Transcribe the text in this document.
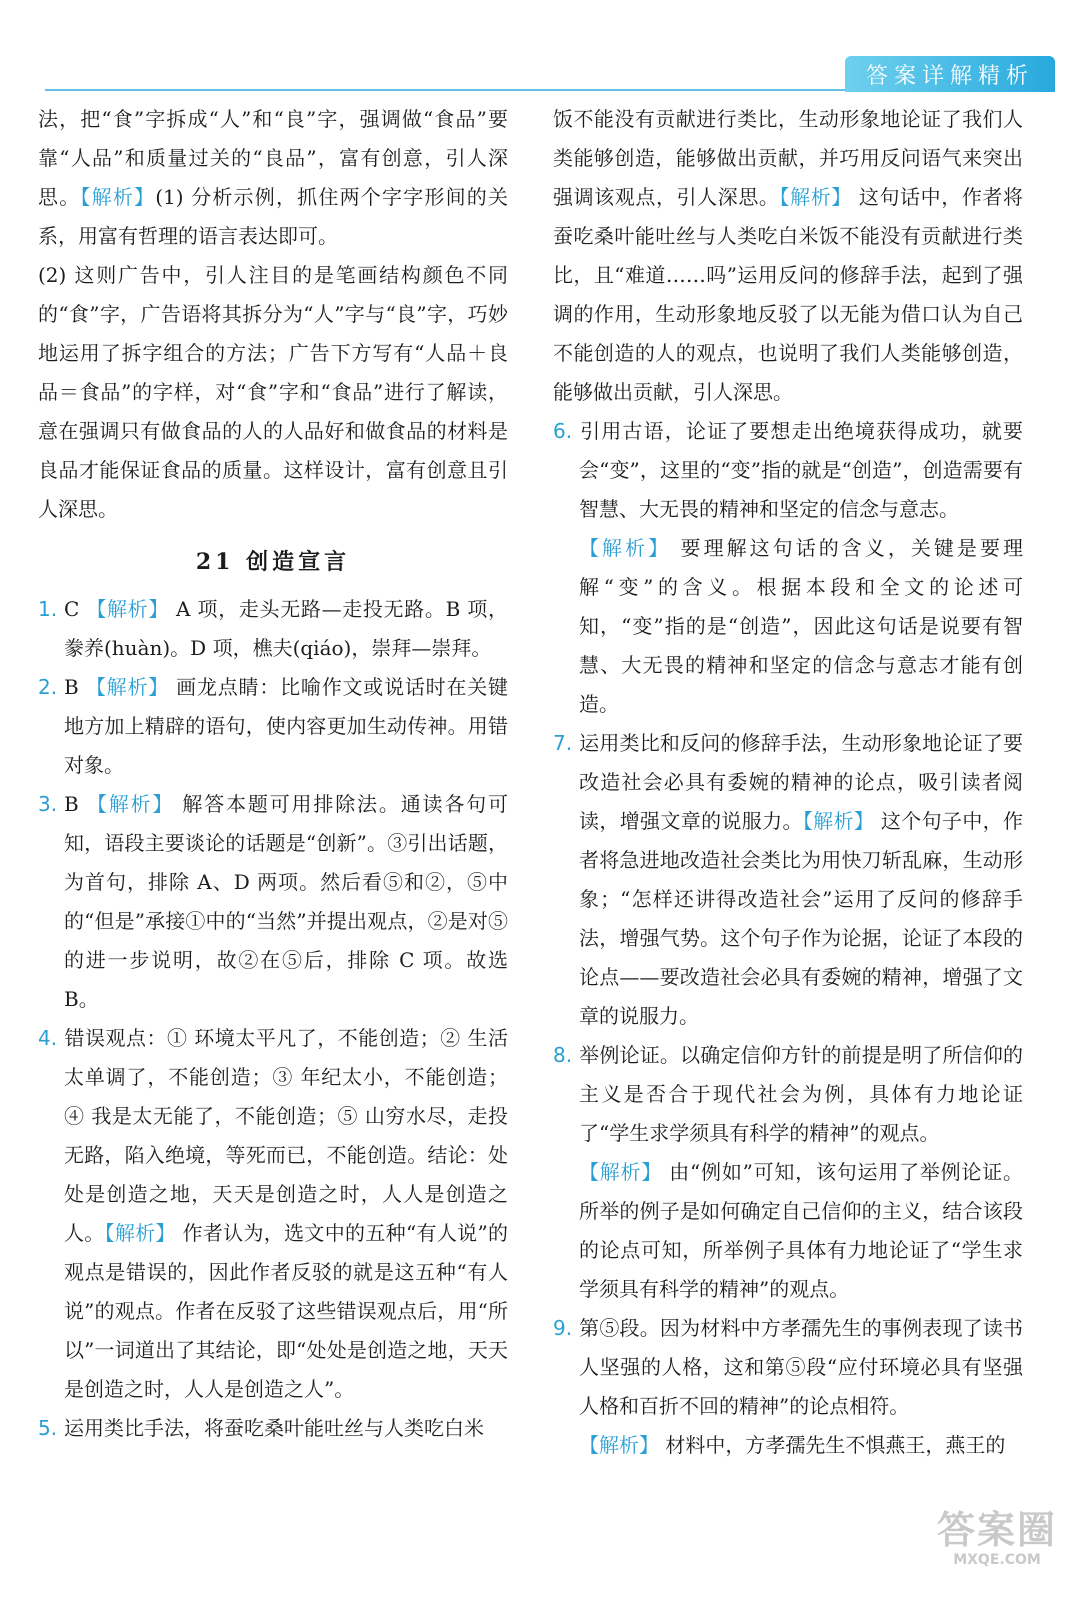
答案详解精析

法，把“食”字拆成“人”和“良”字，强调做“食品”要靠“人品”和质量过关的“良品”，富有创意，引人深思。【解析】(1) 分析示例，抓住两个字字形间的关系，用富有哲理的语言表达即可。

(2) 这则广告中，引人注目的是笔画结构颜色不同的“食”字，广告语将其拆分为“人”字与“良”字，巧妙地运用了拆字组合的方法；广告下方写有“人品＋良品＝食品”的字样，对“食”字和“食品”进行了解读，意在强调只有做食品的人的人品好和做食品的材料是良品才能保证食品的质量。这样设计，富有创意且引人深思。

21 创造宣言

1. C 【解析】 A 项，走头无路—走投无路。B 项，豢养(huàn)。D 项，樵夫(qiáo)，崇拜—崇拜。

2. B 【解析】 画龙点睛：比喻作文或说话时在关键地方加上精辟的语句，使内容更加生动传神。用错对象。

3. B 【解析】 解答本题可用排除法。通读各句可知，语段主要谈论的话题是“创新”。③引出话题，为首句，排除 A、D 两项。然后看⑤和②，⑤中的“但是”承接①中的“当然”并提出观点，②是对⑤的进一步说明，故②在⑤后，排除 C 项。故选 B。

4. 错误观点：① 环境太平凡了，不能创造；② 生活太单调了，不能创造；③ 年纪太小，不能创造；④ 我是太无能了，不能创造；⑤ 山穷水尽，走投无路，陷入绝境，等死而已，不能创造。结论：处处是创造之地，天天是创造之时，人人是创造之人。【解析】 作者认为，选文中的五种“有人说”的观点是错误的，因此作者反驳的就是这五种“有人说”的观点。作者在反驳了这些错误观点后，用“所以”一词道出了其结论，即“处处是创造之地，天天是创造之时，人人是创造之人”。

5. 运用类比手法，将蚕吃桑叶能吐丝与人类吃白米

饭不能没有贡献进行类比，生动形象地论证了我们人类能够创造，能够做出贡献，并巧用反问语气来突出强调该观点，引人深思。【解析】 这句话中，作者将蚕吃桑叶能吐丝与人类吃白米饭不能没有贡献进行类比，且“难道……吗”运用反问的修辞手法，起到了强调的作用，生动形象地反驳了以无能为借口认为自己不能创造的人的观点，也说明了我们人类能够创造，能够做出贡献，引人深思。

6. 引用古语，论证了要想走出绝境获得成功，就要会“变”，这里的“变”指的就是“创造”，创造需要有智慧、大无畏的精神和坚定的信念与意志。
【解析】 要理解这句话的含义，关键是要理解“变”的含义。根据本段和全文的论述可知，“变”指的是“创造”，因此这句话是说要有智慧、大无畏的精神和坚定的信念与意志才能有创造。

7. 运用类比和反问的修辞手法，生动形象地论证了要改造社会必具有委婉的精神的论点，吸引读者阅读，增强文章的说服力。【解析】 这个句子中，作者将急进地改造社会类比为用快刀斩乱麻，生动形象；“怎样还讲得改造社会”运用了反问的修辞手法，增强气势。这个句子作为论据，论证了本段的论点——要改造社会必具有委婉的精神，增强了文章的说服力。

8. 举例论证。以确定信仰方针的前提是明了所信仰的主义是否合于现代社会为例，具体有力地论证了“学生求学须具有科学的精神”的观点。
【解析】 由“例如”可知，该句运用了举例论证。所举的例子是如何确定自己信仰的主义，结合该段的论点可知，所举例子具体有力地论证了“学生求学须具有科学的精神”的观点。

9. 第⑤段。因为材料中方孝孺先生的事例表现了读书人坚强的人格，这和第⑤段“应付环境必具有坚强人格和百折不回的精神”的论点相符。
【解析】 材料中，方孝孺先生不惧燕王，燕王的

答案圈
MXQE.COM
